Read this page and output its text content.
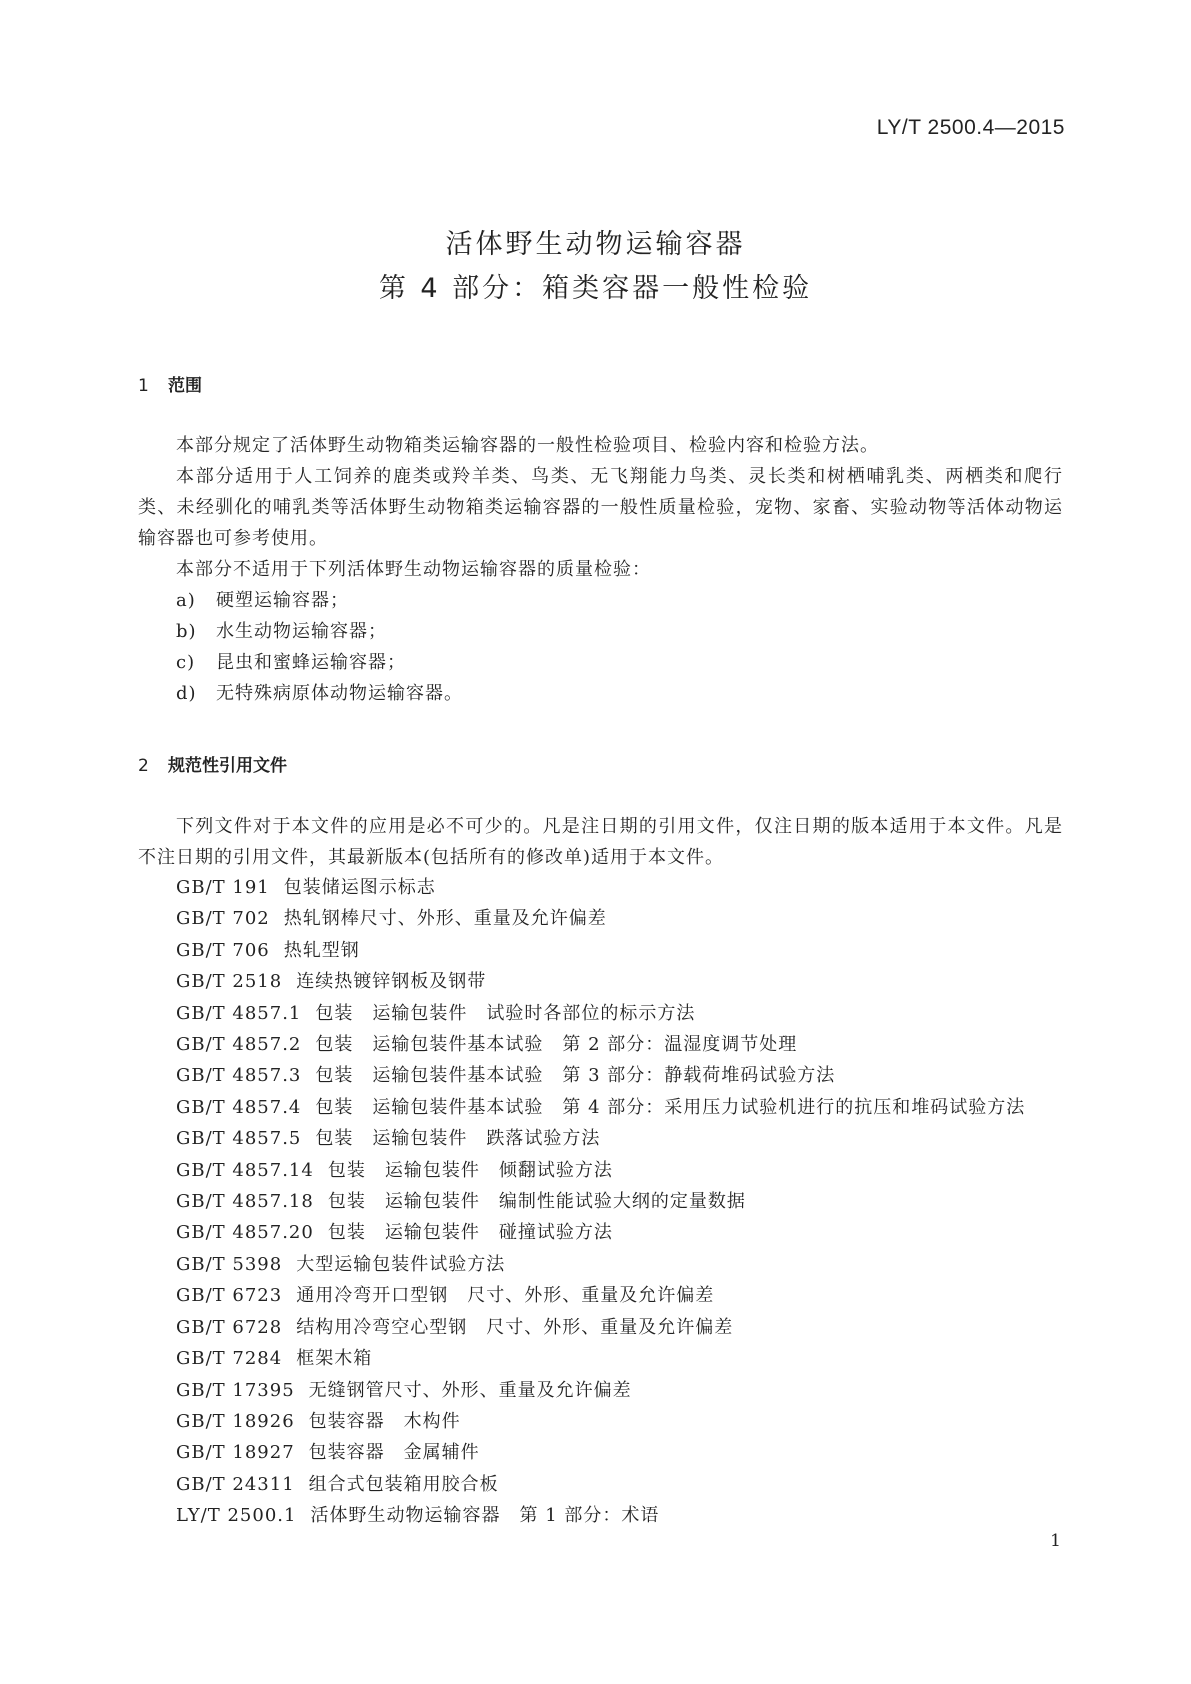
LY/T 2500.4—2015
活体野生动物运输容器
第 4 部分：箱类容器一般性检验
1 范围

本部分规定了活体野生动物箱类运输容器的一般性检验项目、检验内容和检验方法。

本部分适用于人工饲养的鹿类或羚羊类、鸟类、无飞翔能力鸟类、灵长类和树栖哺乳类、两栖类和爬行类、未经驯化的哺乳类等活体野生动物箱类运输容器的一般性质量检验，宠物、家畜、实验动物等活体动物运输容器也可参考使用。

本部分不适用于下列活体野生动物运输容器的质量检验：

a) 硬塑运输容器；
b) 水生动物运输容器；
c) 昆虫和蜜蜂运输容器；
d) 无特殊病原体动物运输容器。
2 规范性引用文件

下列文件对于本文件的应用是必不可少的。凡是注日期的引用文件，仅注日期的版本适用于本文件。凡是不注日期的引用文件，其最新版本(包括所有的修改单)适用于本文件。

GB/T 191 包装储运图示标志
GB/T 702 热轧钢棒尺寸、外形、重量及允许偏差
GB/T 706 热轧型钢
GB/T 2518 连续热镀锌钢板及钢带
GB/T 4857.1 包装　运输包装件　试验时各部位的标示方法
GB/T 4857.2 包装　运输包装件基本试验　第 2 部分：温湿度调节处理
GB/T 4857.3 包装　运输包装件基本试验　第 3 部分：静载荷堆码试验方法
GB/T 4857.4 包装　运输包装件基本试验　第 4 部分：采用压力试验机进行的抗压和堆码试验方法
GB/T 4857.5 包装　运输包装件　跌落试验方法
GB/T 4857.14 包装　运输包装件　倾翻试验方法
GB/T 4857.18 包装　运输包装件　编制性能试验大纲的定量数据
GB/T 4857.20 包装　运输包装件　碰撞试验方法
GB/T 5398 大型运输包装件试验方法
GB/T 6723 通用冷弯开口型钢　尺寸、外形、重量及允许偏差
GB/T 6728 结构用冷弯空心型钢　尺寸、外形、重量及允许偏差
GB/T 7284 框架木箱
GB/T 17395 无缝钢管尺寸、外形、重量及允许偏差
GB/T 18926 包装容器　木构件
GB/T 18927 包装容器　金属辅件
GB/T 24311 组合式包装箱用胶合板
LY/T 2500.1 活体野生动物运输容器　第 1 部分：术语
1
